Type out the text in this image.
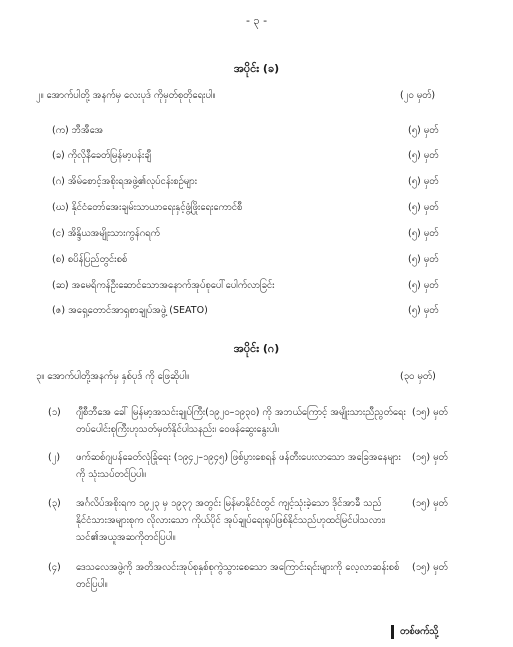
- ၃ -
အပိုင်း (ခ)
၂။ အောက်ပါတို့ အနက်မှ လေးပုဒ် ကိုမှတ်စုတိုရေးပါ။	(၂၀ မှတ်)
(က) ဘီအီအေ	(၅) မှတ်
(ခ) ကိုလိုနီခေတ်မြန်မာ့ပန်းချီ	(၅) မှတ်
(ဂ) အိမ်စောင့်အစိုးရအဖွဲ့၏လုပ်ငန်းစဉ်များ	(၅) မှတ်
(ဃ) နိုင်ငံတော်အေးချမ်းသာယာရေးနှင့်ဖွံ့ဖြိုးရေးကောင်စီ	(၅) မှတ်
(င) အိန္ဒိယအမျိုးသားကွန်ဂရက်	(၅) မှတ်
(စ) စပိန်ပြည်တွင်းစစ်	(၅) မှတ်
(ဆ) အမေရိကန်ဦးဆောင်သောအနောက်အုပ်စုပေါ်ပေါက်လာခြင်း	(၅) မှတ်
(ဇ) အရှေ့တောင်အာရှစာချုပ်အဖွဲ့ (SEATO)	(၅) မှတ်
အပိုင်း (ဂ)
၃။ အောက်ပါတို့အနက်မှ နှစ်ပုဒ် ကို ဖြေဆိုပါ။	(၃၀ မှတ်)
(၁) ဂျီစီဘီအေ ခေါ် မြန်မာ့အသင်းချုပ်ကြီး(၁၉၂၀–၁၉၃၀) ကို အဘယ်ကြောင့် အမျိုးသားညီညွတ်ရေးတပ်ပေါင်းစုကြီးဟုသတ်မှတ်နိုင်ပါသနည်း၊ ဝေဖန်ဆွေးနွေးပါ။
(၁၅) မှတ်
(၂) ဖက်ဆစ်ဂျပန်ခေတ်လုံခြုံရေး (၁၉၄၂–၁၉၄၅) ဖြစ်ပွားစေရန် ဖန်တီးပေးလာသော အခြေအနေများကို သုံးသပ်တင်ပြပါ။
(၁၅) မှတ်
(၃) အင်္ဂလိပ်အစိုးရက ၁၉၂၃ မှ ၁၉၃၇ အတွင်း မြန်မာနိုင်ငံတွင် ကျင့်သုံးခဲ့သော ဒိုင်အာခီ သည် နိုင်ငံသားအများစုက လိုလားသော ကိုယ်ပိုင် အုပ်ချုပ်ရေးရုပ်ဖြစ်နိုင်သည်ဟုထင်မြင်ပါသလား၊ သင်၏အယူအဆကိုတင်ပြပါ။
(၁၅) မှတ်
(၄) ဒေသလေအဖွဲ့ကို အတိအလင်းအုပ်စုနှစ်စုကွဲသွားစေသော အကြောင်းရင်းများကို လေ့လာဆန်းစစ်တင်ပြပါ။
(၁၅) မှတ်
တစ်ဖက်သို့
